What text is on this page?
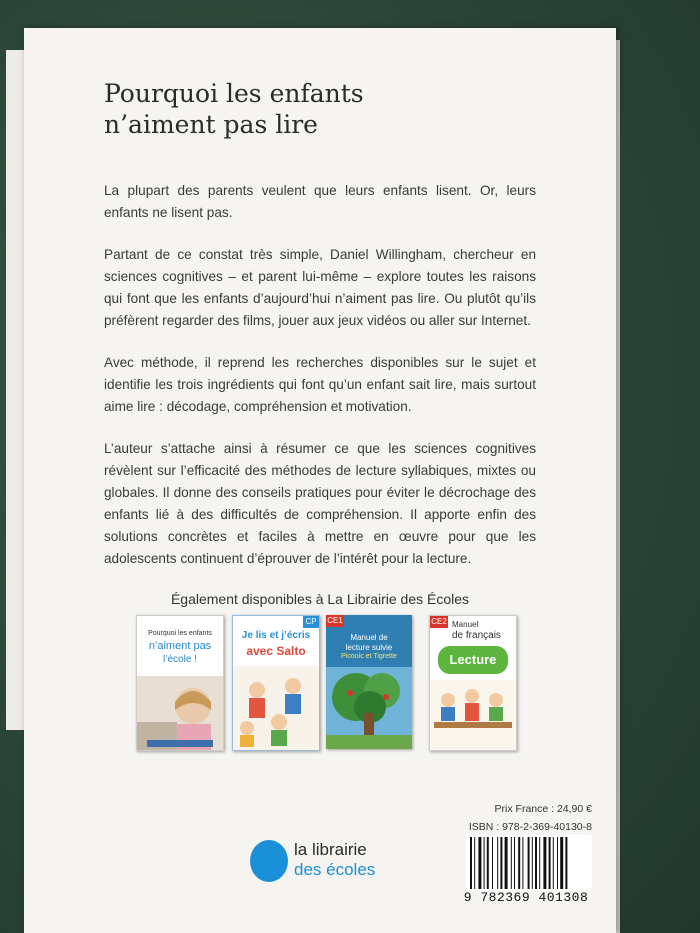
Pourquoi les enfants
n’aiment pas lire

La plupart des parents veulent que leurs enfants lisent. Or, leurs enfants ne lisent pas.

Partant de ce constat très simple, Daniel Willingham, chercheur en sciences cognitives – et parent lui-même – explore toutes les raisons qui font que les enfants d’aujourd’hui n’aiment pas lire. Ou plutôt qu’ils préfèrent regarder des films, jouer aux jeux vidéos ou aller sur Internet.

Avec méthode, il reprend les recherches disponibles sur le sujet et identifie les trois ingrédients qui font qu’un enfant sait lire, mais surtout aime lire : décodage, compréhension et motivation.

L’auteur s’attache ainsi à résumer ce que les sciences cognitives révèlent sur l’efficacité des méthodes de lecture syllabiques, mixtes ou globales. Il donne des conseils pratiques pour éviter le décrochage des enfants lié à des difficultés de compréhension. Il apporte enfin des solutions concrètes et faciles à mettre en œuvre pour que les adolescents continuent d’éprouver de l’intérêt pour la lecture.

Également disponibles à La Librairie des Écoles
Pourquoi les enfants
n’aiment pas
l’école !
CP
Je lis et j’écris
avec Salto
CE1
Manuel de
lecture suivie
Picouic et Tigrette
CE2 Manuel
de français
Lecture
la librairie
des écoles
Prix France : 24,90 €
ISBN : 978-2-369-40130-8
9 782369 401308
